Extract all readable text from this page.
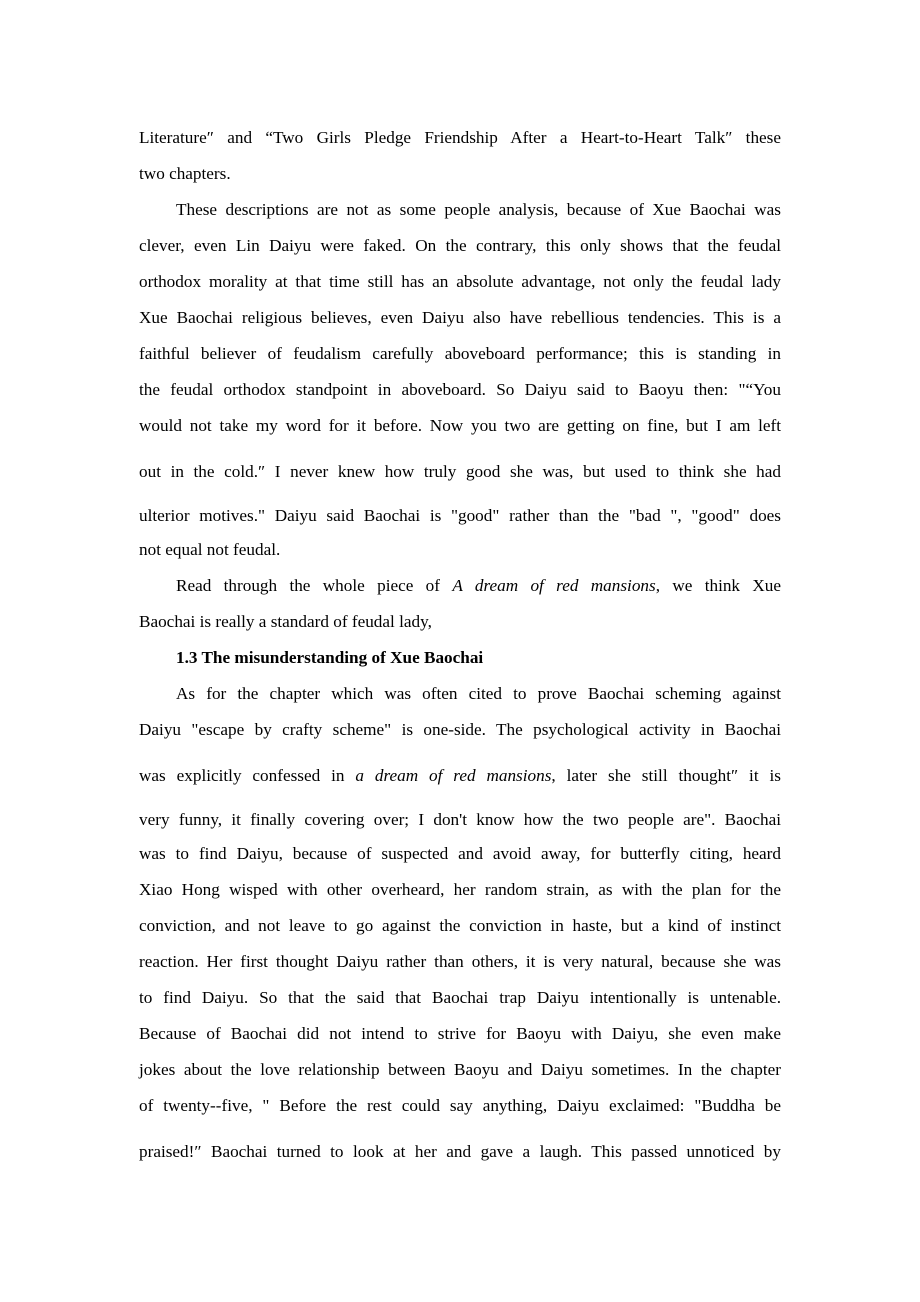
Literature″ and “Two Girls Pledge Friendship After a Heart-to-Heart Talk″ these
two chapters.
These descriptions are not as some people analysis, because of Xue Baochai was
clever, even Lin Daiyu were faked. On the contrary, this only shows that the feudal
orthodox morality at that time still has an absolute advantage, not only the feudal lady
Xue Baochai religious believes, even Daiyu also have rebellious tendencies. This is a
faithful believer of feudalism carefully aboveboard performance; this is standing in
the feudal orthodox standpoint in aboveboard. So Daiyu said to Baoyu then: "“You
would not take my word for it before. Now you two are getting on fine, but I am left
out in the cold.″ I never knew how truly good she was, but used to think she had
ulterior motives." Daiyu said Baochai is "good" rather than the "bad ", "good" does
not equal not feudal.
Read through the whole piece of A dream of red mansions, we think Xue
Baochai is really a standard of feudal lady,
1.3 The misunderstanding of Xue Baochai
As for the chapter which was often cited to prove Baochai scheming against
Daiyu "escape by crafty scheme" is one-side. The psychological activity in Baochai
was explicitly confessed in a dream of red mansions, later she still thought″ it is
very funny, it finally covering over; I don't know how the two people are". Baochai
was to find Daiyu, because of suspected and avoid away, for butterfly citing, heard
Xiao Hong wisped with other overheard, her random strain, as with the plan for the
conviction, and not leave to go against the conviction in haste, but a kind of instinct
reaction. Her first thought Daiyu rather than others, it is very natural, because she was
to find Daiyu. So that the said that Baochai trap Daiyu intentionally is untenable.
Because of Baochai did not intend to strive for Baoyu with Daiyu, she even make
jokes about the love relationship between Baoyu and Daiyu sometimes. In the chapter
of twenty--five, " Before the rest could say anything, Daiyu exclaimed: "Buddha be
praised!″ Baochai turned to look at her and gave a laugh. This passed unnoticed by
